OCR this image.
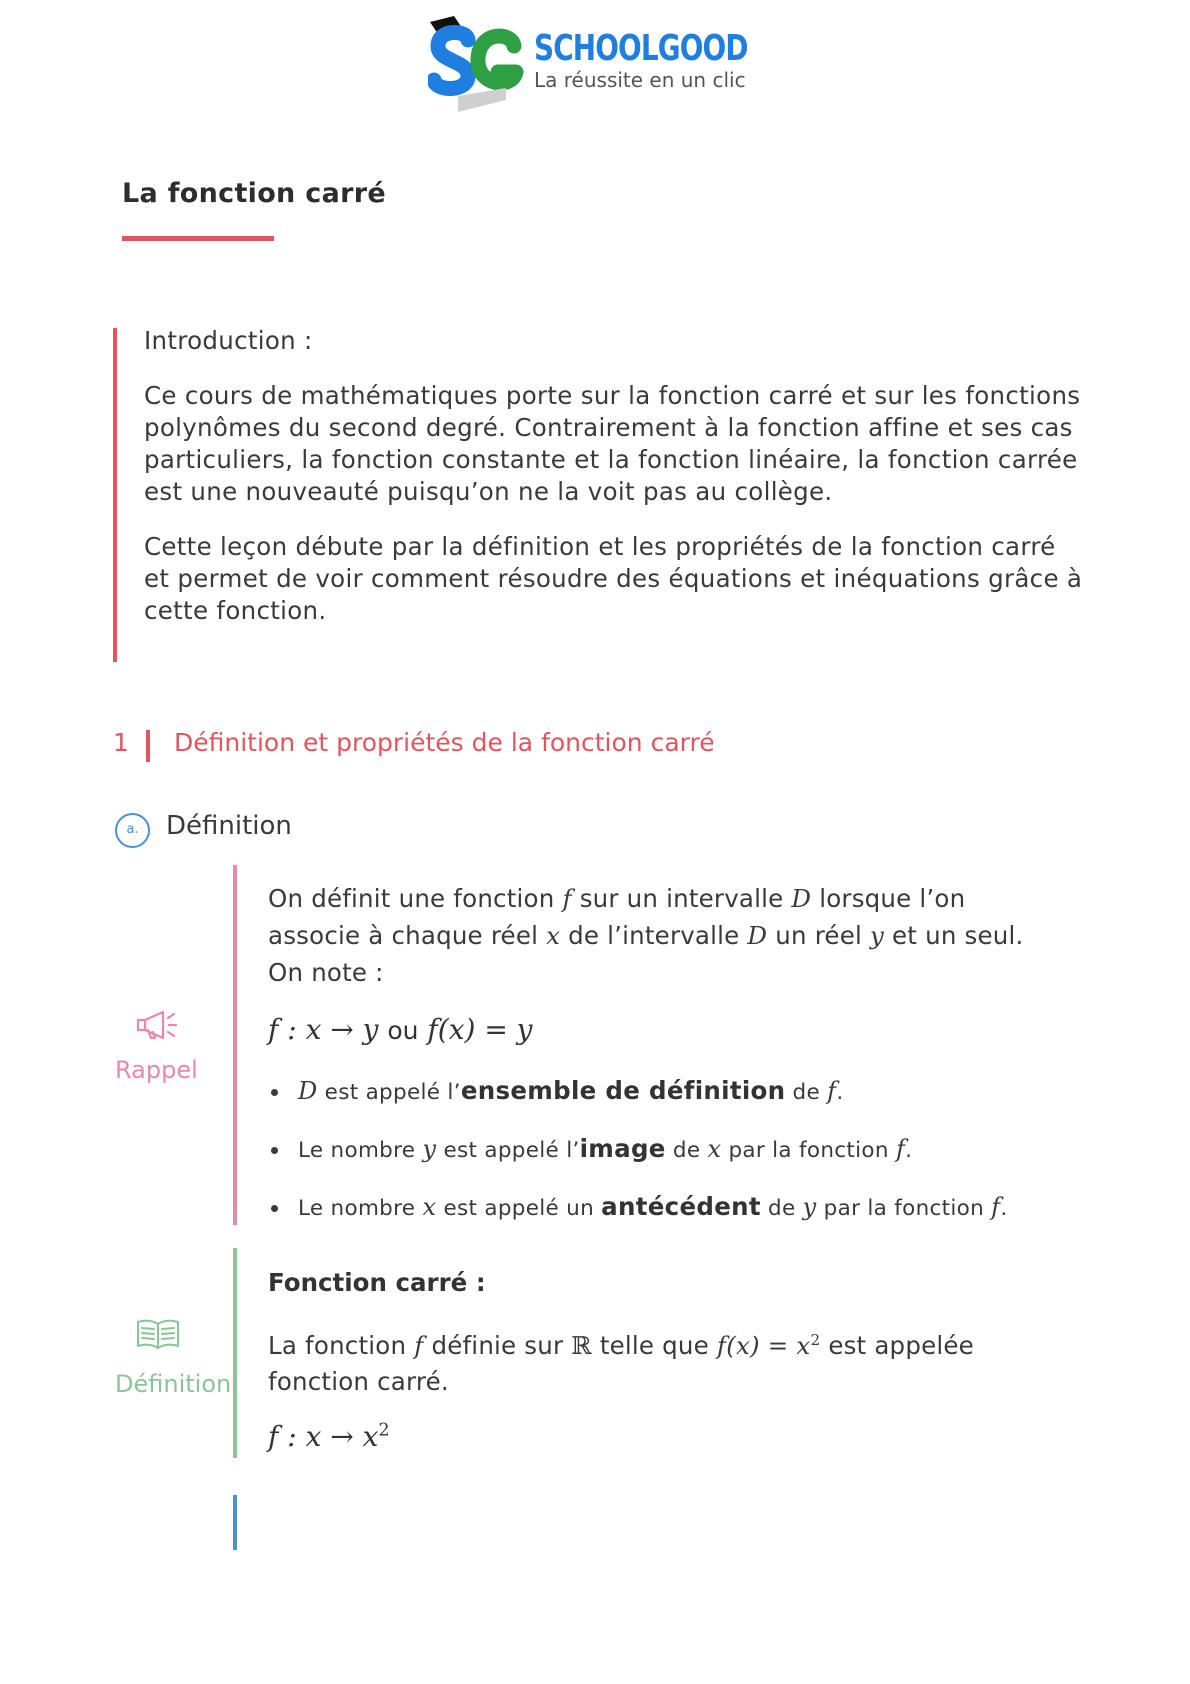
SCHOOLGOOD
La réussite en un clic
La fonction carré

Introduction :

Ce cours de mathématiques porte sur la fonction carré et sur les fonctions polynômes du second degré. Contrairement à la fonction affine et ses cas particuliers, la fonction constante et la fonction linéaire, la fonction carrée est une nouveauté puisqu’on ne la voit pas au collège.

Cette leçon débute par la définition et les propriétés de la fonction carré et permet de voir comment résoudre des équations et inéquations grâce à cette fonction.

1 Définition et propriétés de la fonction carré
a.	Définition
Rappel

On définit une fonction f sur un intervalle D lorsque l’on

associe à chaque réel x de l’intervalle D un réel y et un seul.

On note :

f : x → y ou f(x) = y
D est appelé l’ensemble de définition de f.
Le nombre y est appelé l’image de x par la fonction f.
Le nombre x est appelé un antécédent de y par la fonction f.
Définition
Fonction carré :
La fonction f définie sur ℝ telle que $f(x) = x^2$ est appelée
fonction carré.
f : $x \to x^2$
